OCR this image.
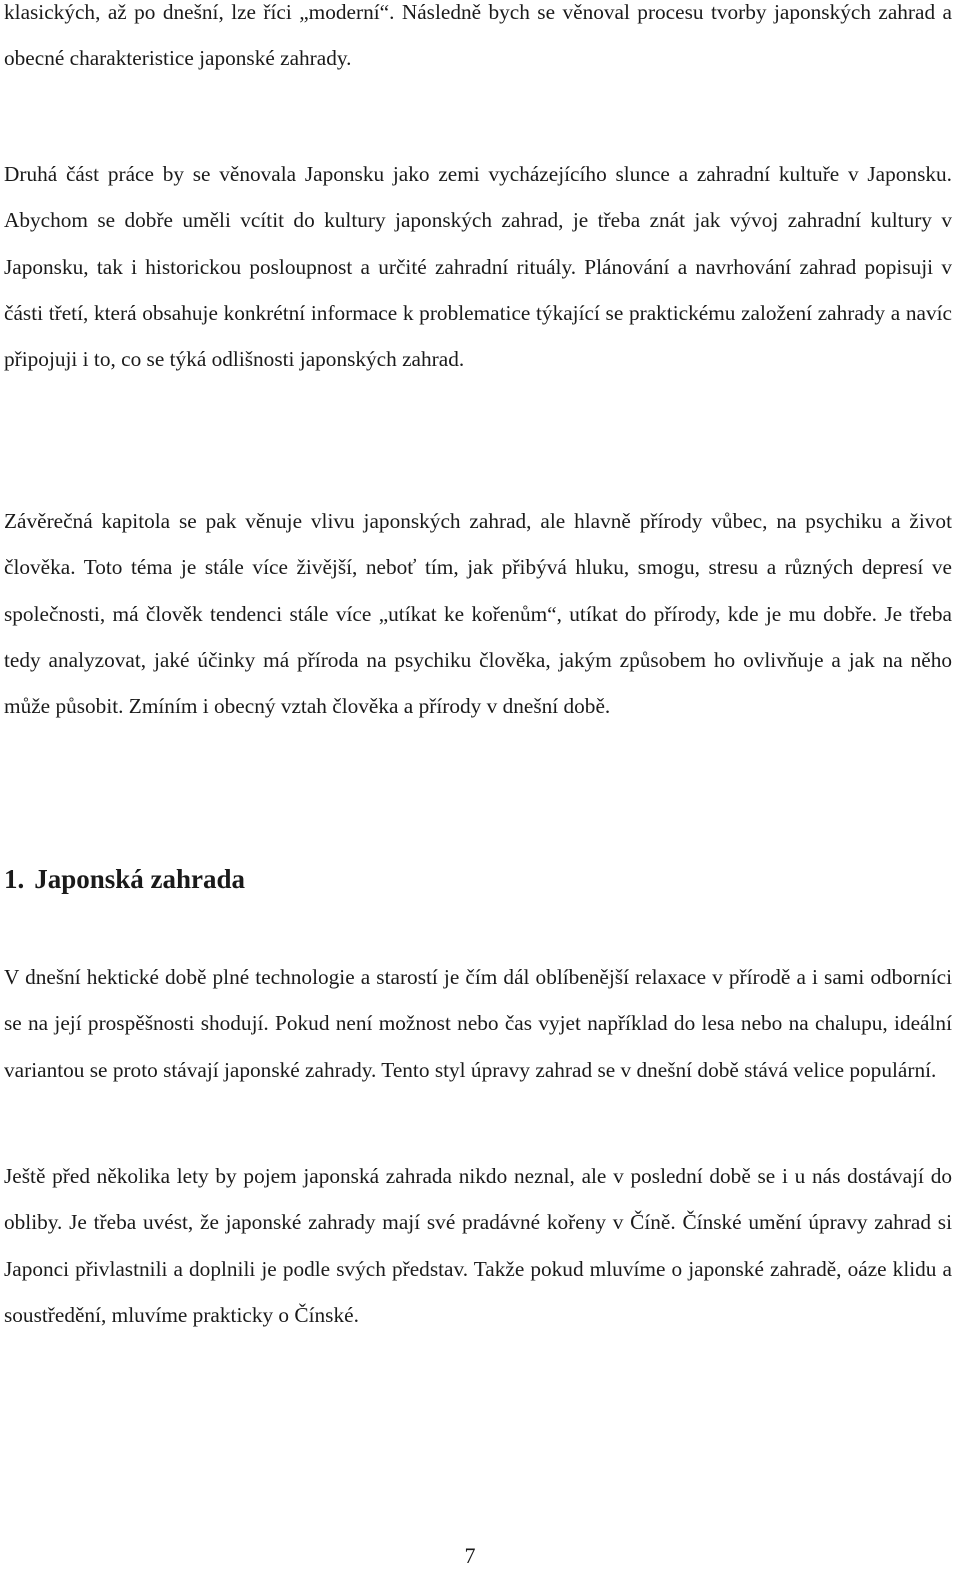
klasických, až po dnešní, lze říci „moderní“. Následně bych se věnoval procesu tvorby japonských zahrad a obecné charakteristice japonské zahrady.

Druhá část práce by se věnovala Japonsku jako zemi vycházejícího slunce a zahradní kultuře v Japonsku. Abychom se dobře uměli vcítit do kultury japonských zahrad, je třeba znát jak vývoj zahradní kultury v Japonsku, tak i historickou posloupnost a určité zahradní rituály. Plánování a navrhování zahrad popisuji v části třetí, která obsahuje konkrétní informace k problematice týkající se praktickému založení zahrady a navíc připojuji i to, co se týká odlišnosti japonských zahrad.

Závěrečná kapitola se pak věnuje vlivu japonských zahrad, ale hlavně přírody vůbec, na psychiku a život člověka. Toto téma je stále více živější, neboť tím, jak přibývá hluku, smogu, stresu a různých depresí ve společnosti, má člověk tendenci stále více „utíkat ke kořenům“, utíkat do přírody, kde je mu dobře. Je třeba tedy analyzovat, jaké účinky má příroda na psychiku člověka, jakým způsobem ho ovlivňuje a jak na něho může působit. Zmíním i obecný vztah člověka a přírody v dnešní době.

1. Japonská zahrada

V dnešní hektické době plné technologie a starostí je čím dál oblíbenější relaxace v přírodě a i sami odborníci se na její prospěšnosti shodují. Pokud není možnost nebo čas vyjet například do lesa nebo na chalupu, ideální variantou se proto stávají japonské zahrady. Tento styl úpravy zahrad se v dnešní době stává velice populární.

Ještě před několika lety by pojem japonská zahrada nikdo neznal, ale v poslední době se i u nás dostávají do obliby. Je třeba uvést, že japonské zahrady mají své pradávné kořeny v Číně. Čínské umění úpravy zahrad si Japonci přivlastnili a doplnili je podle svých představ. Takže pokud mluvíme o japonské zahradě, oáze klidu a soustředění, mluvíme prakticky o Čínské.

7
